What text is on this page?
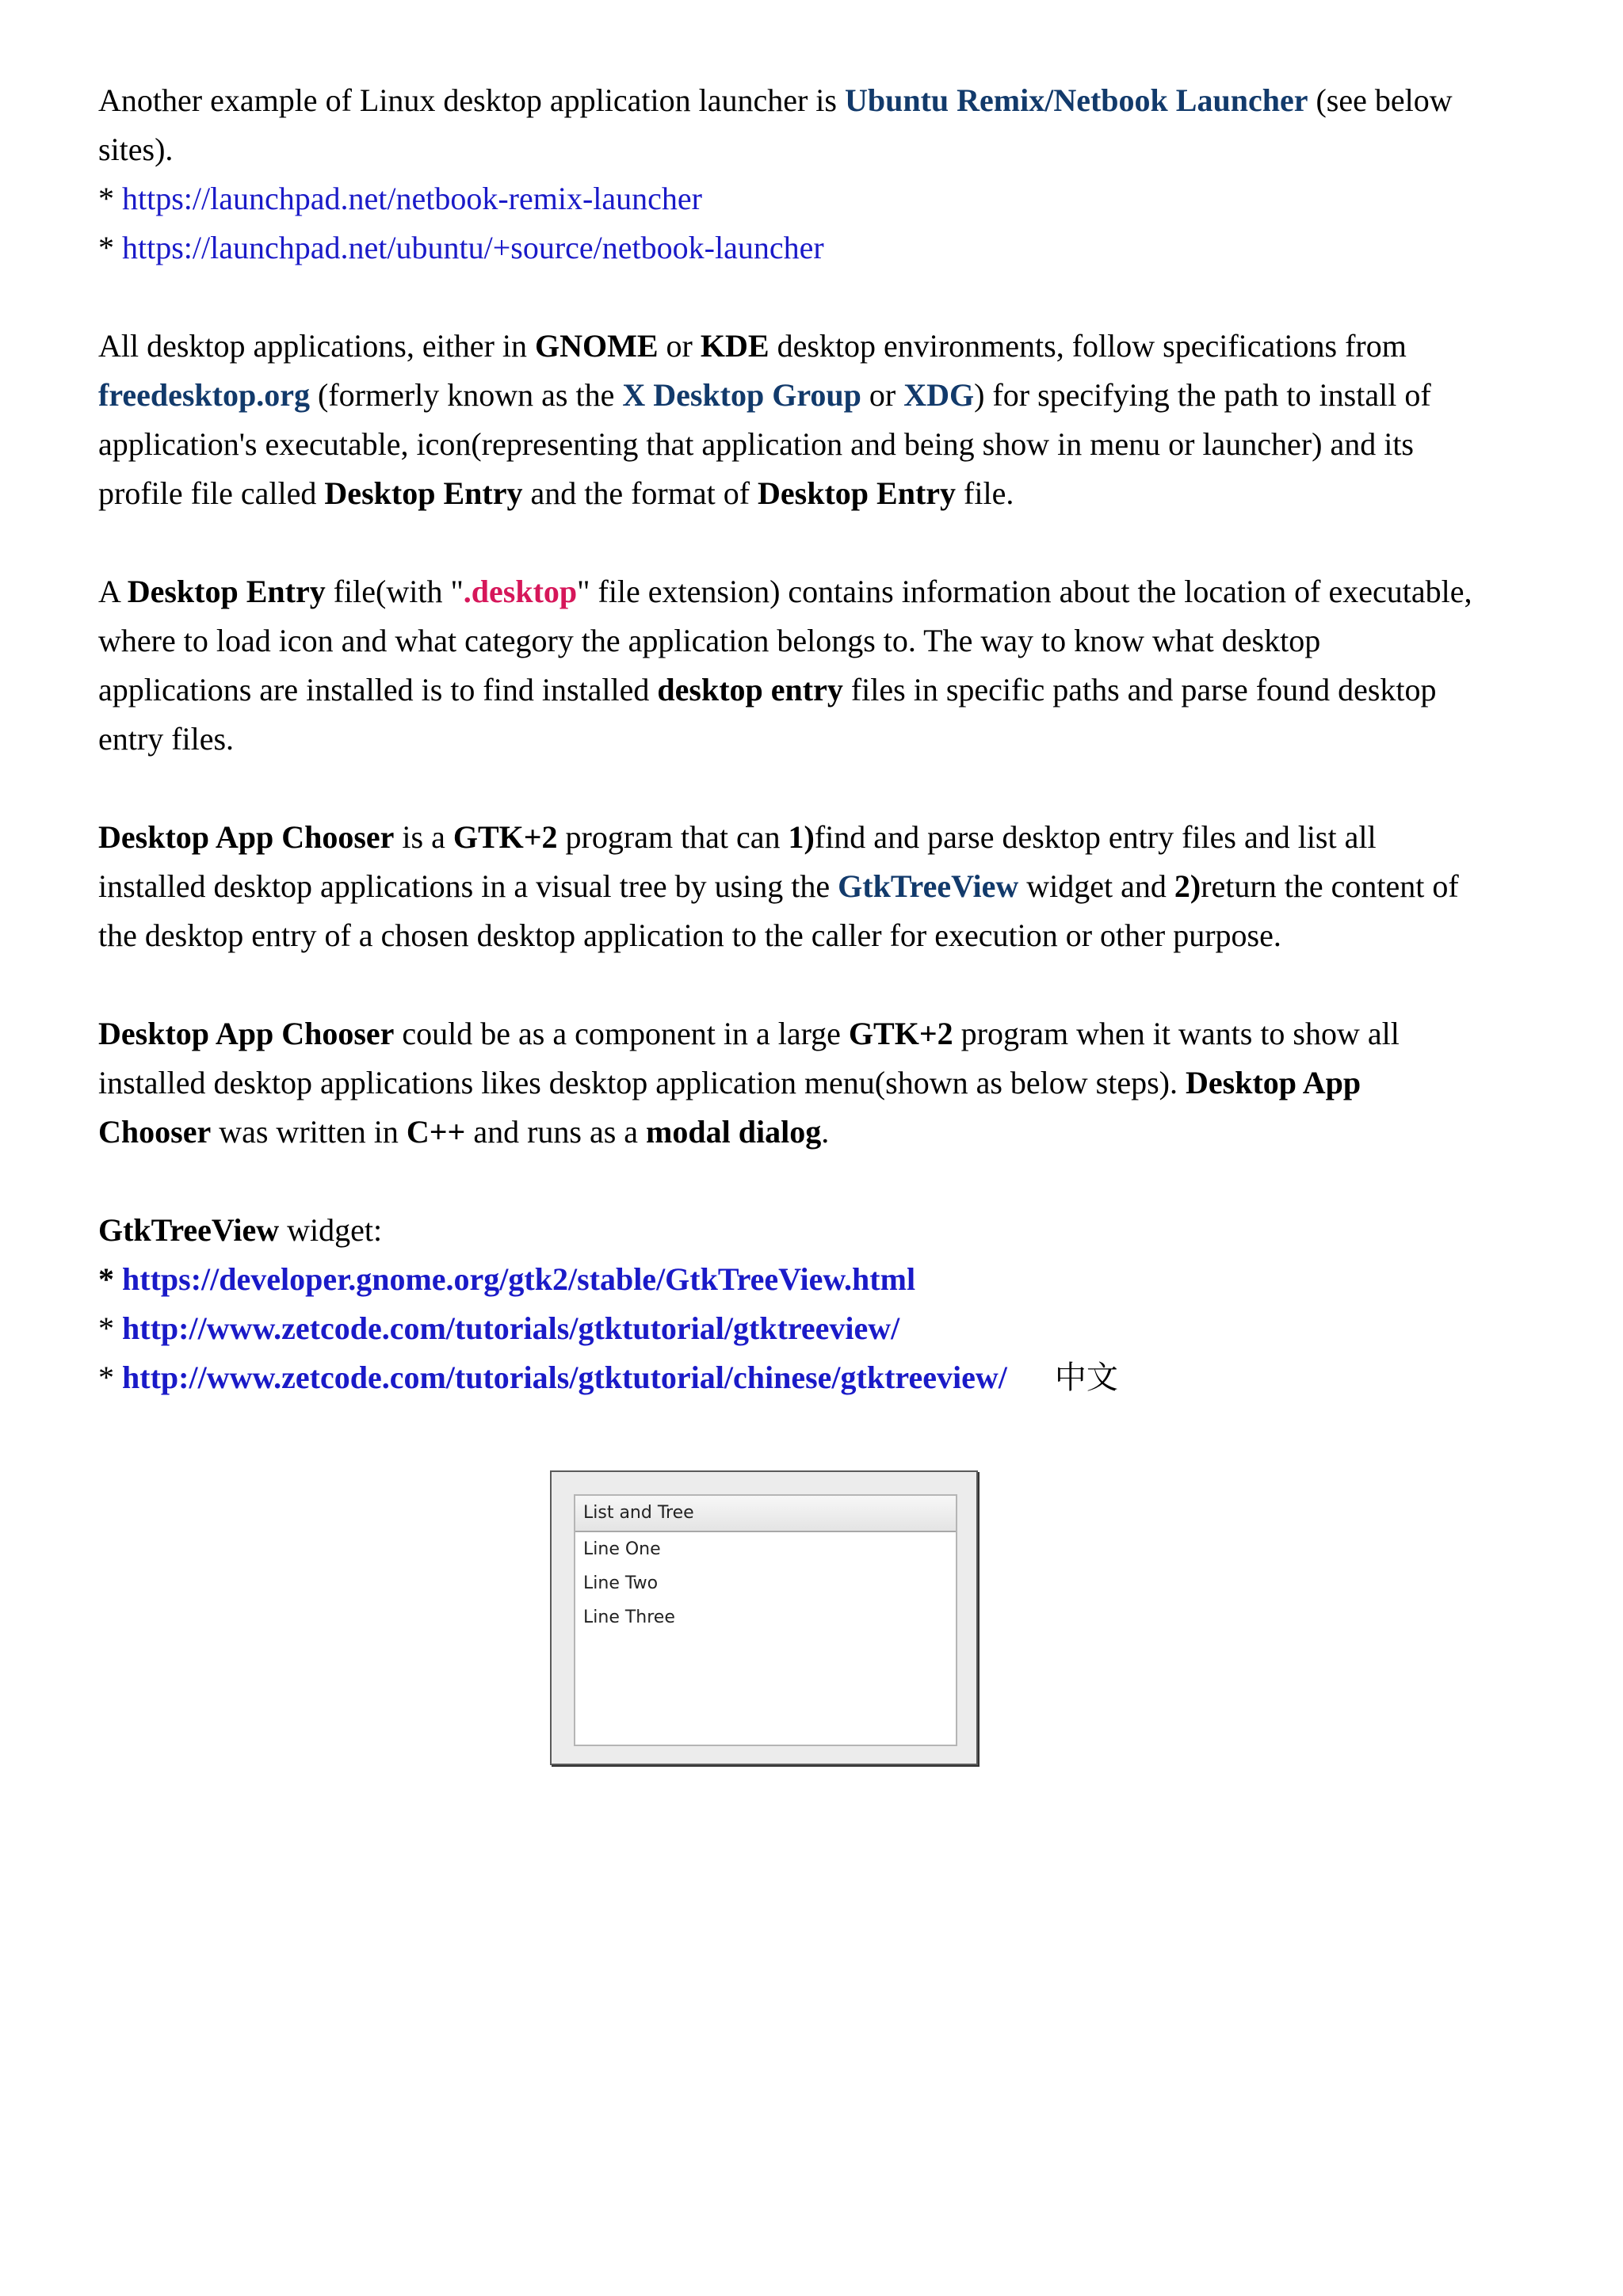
Another example of Linux desktop application launcher is Ubuntu Remix/Netbook Launcher (see below
sites).
* https://launchpad.net/netbook-remix-launcher
* https://launchpad.net/ubuntu/+source/netbook-launcher
All desktop applications, either in GNOME or KDE desktop environments, follow specifications from
freedesktop.org (formerly known as the X Desktop Group or XDG) for specifying the path to install of
application's executable, icon(representing that application and being show in menu or launcher) and its
profile file called Desktop Entry and the format of Desktop Entry file.
A Desktop Entry file(with ".desktop" file extension) contains information about the location of executable,
where to load icon and what category the application belongs to. The way to know what desktop
applications are installed is to find installed desktop entry files in specific paths and parse found desktop
entry files.
Desktop App Chooser is a GTK+2 program that can 1)find and parse desktop entry files and list all
installed desktop applications in a visual tree by using the GtkTreeView widget and 2)return the content of
the desktop entry of a chosen desktop application to the caller for execution or other purpose.
Desktop App Chooser could be as a component in a large GTK+2 program when it wants to show all
installed desktop applications likes desktop application menu(shown as below steps). Desktop App
Chooser was written in C++ and runs as a modal dialog.
GtkTreeView widget:
* https://developer.gnome.org/gtk2/stable/GtkTreeView.html
* http://www.zetcode.com/tutorials/gtktutorial/gtktreeview/
* http://www.zetcode.com/tutorials/gtktutorial/chinese/gtktreeview/ 中文
List and Tree
Line One
Line Two
Line Three
